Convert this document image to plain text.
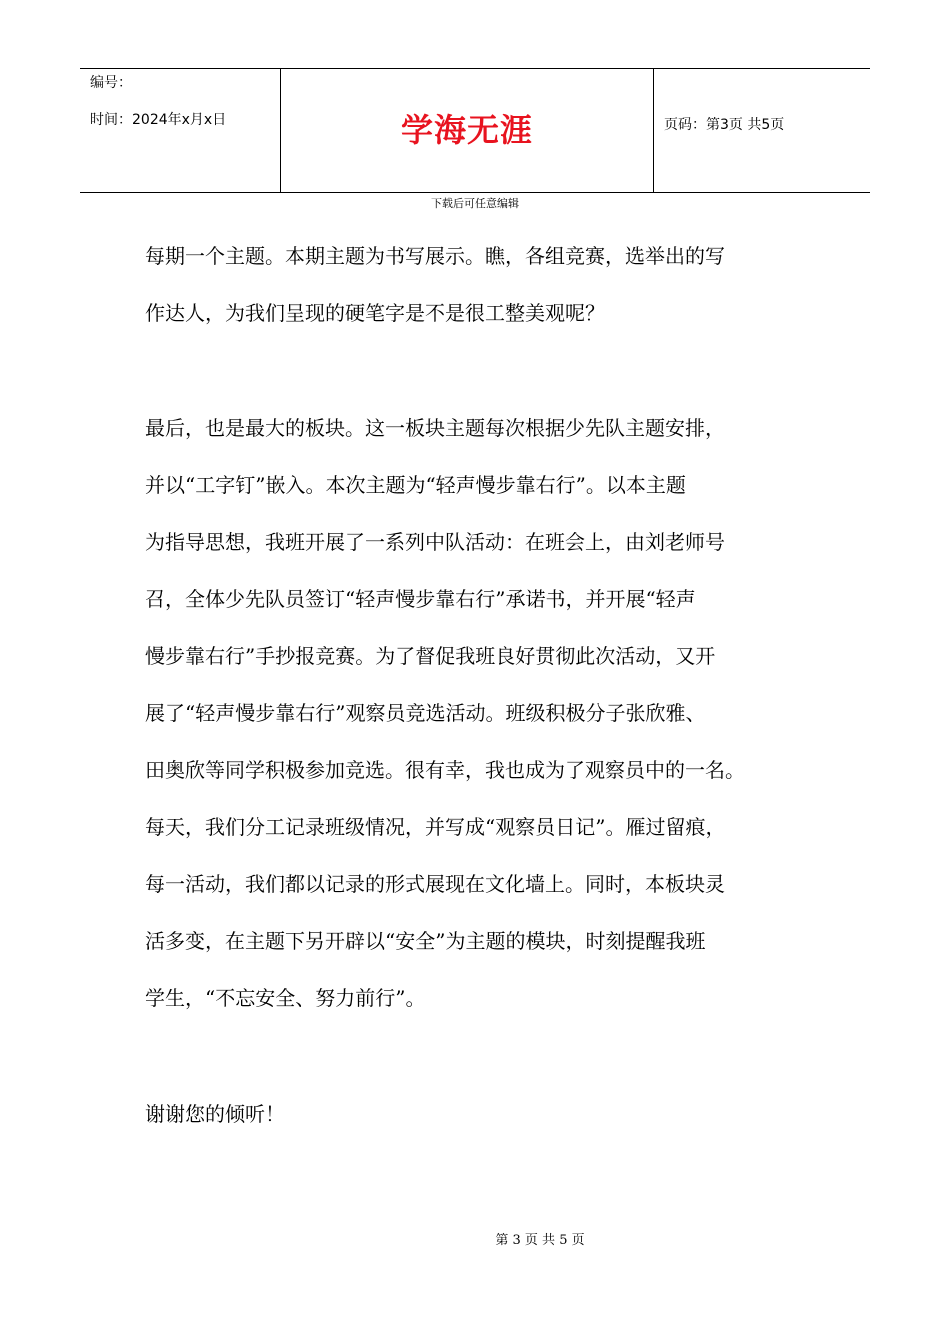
编号：
时间：2024年x月x日	学海无涯	页码：第3页 共5页
下载后可任意编辑
每期一个主题。本期主题为书写展示。瞧，各组竞赛，选举出的写
作达人，为我们呈现的硬笔字是不是很工整美观呢？
最后，也是最大的板块。这一板块主题每次根据少先队主题安排，
并以“工字钉”嵌入。本次主题为“轻声慢步靠右行”。以本主题
为指导思想，我班开展了一系列中队活动：在班会上，由刘老师号
召，全体少先队员签订“轻声慢步靠右行”承诺书，并开展“轻声
慢步靠右行”手抄报竞赛。为了督促我班良好贯彻此次活动，又开
展了“轻声慢步靠右行”观察员竞选活动。班级积极分子张欣雅、
田奥欣等同学积极参加竞选。很有幸，我也成为了观察员中的一名。
每天，我们分工记录班级情况，并写成“观察员日记”。雁过留痕，
每一活动，我们都以记录的形式展现在文化墙上。同时，本板块灵
活多变，在主题下另开辟以“安全”为主题的模块，时刻提醒我班
学生，“不忘安全、努力前行”。
谢谢您的倾听！
第 3 页 共 5 页
